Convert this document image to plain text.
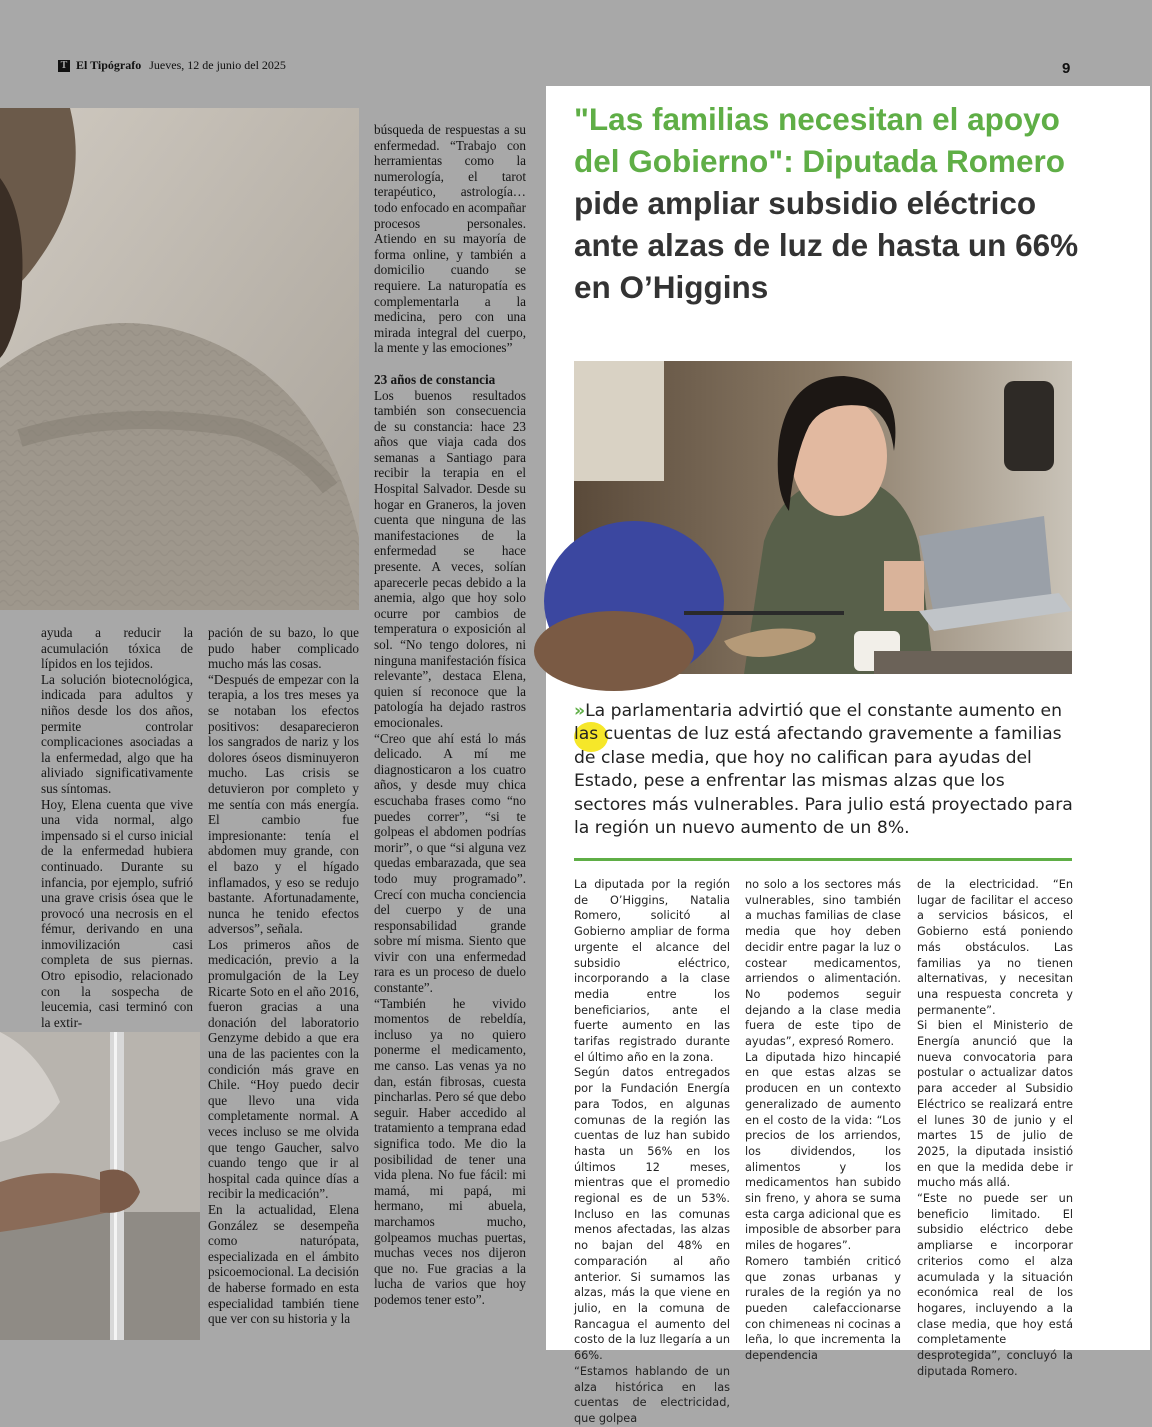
T El Tipógrafo Jueves, 12 de junio del 2025	9

ayuda a reducir la acumulación tóxica de lípidos en los tejidos.

La solución biotecnológica, indicada para adultos y niños desde los dos años, permite controlar complicaciones asociadas a la enfermedad, algo que ha aliviado significativamente sus síntomas.

Hoy, Elena cuenta que vive una vida normal, algo impensado si el curso inicial de la enfermedad hubiera continuado. Durante su infancia, por ejemplo, sufrió una grave crisis ósea que le provocó una necrosis en el fémur, derivando en una inmovilización casi completa de sus piernas. Otro episodio, relacionado con la sospecha de leucemia, casi terminó con la extir-

pación de su bazo, lo que pudo haber complicado mucho más las cosas.

“Después de empezar con la terapia, a los tres meses ya se notaban los efectos positivos: desaparecieron los sangrados de nariz y los dolores óseos disminuyeron mucho. Las crisis se detuvieron por completo y me sentía con más energía. El cambio fue impresionante: tenía el abdomen muy grande, con el bazo y el hígado inflamados, y eso se redujo bastante. Afortunadamente, nunca he tenido efectos adversos”, señala.

Los primeros años de medicación, previo a la promulgación de la Ley Ricarte Soto en el año 2016, fueron gracias a una donación del laboratorio Genzyme debido a que era una de las pacientes con la condición más grave en Chile. “Hoy puedo decir que llevo una vida completamente normal. A veces incluso se me olvida que tengo Gaucher, salvo cuando tengo que ir al hospital cada quince días a recibir la medicación”.

En la actualidad, Elena González se desempeña como naturópata, especializada en el ámbito psicoemocional. La decisión de haberse formado en esta especialidad también tiene que ver con su historia y la

búsqueda de respuestas a su enfermedad. “Trabajo con herramientas como la numerología, el tarot terapéutico, astrología… todo enfocado en acompañar procesos personales. Atiendo en su mayoría de forma online, y también a domicilio cuando se requiere. La naturopatía es complementarla a la medicina, pero con una mirada integral del cuerpo, la mente y las emociones”

23 años de constancia

Los buenos resultados también son consecuencia de su constancia: hace 23 años que viaja cada dos semanas a Santiago para recibir la terapia en el Hospital Salvador. Desde su hogar en Graneros, la joven cuenta que ninguna de las manifestaciones de la enfermedad se hace presente. A veces, solían aparecerle pecas debido a la anemia, algo que hoy solo ocurre por cambios de temperatura o exposición al sol. “No tengo dolores, ni ninguna manifestación física relevante”, destaca Elena, quien sí reconoce que la patología ha dejado rastros emocionales.

“Creo que ahí está lo más delicado. A mí me diagnosticaron a los cuatro años, y desde muy chica escuchaba frases como “no puedes correr”, “si te golpeas el abdomen podrías morir”, o que “si alguna vez quedas embarazada, que sea todo muy programado”. Crecí con mucha conciencia del cuerpo y de una responsabilidad grande sobre mí misma. Siento que vivir con una enfermedad rara es un proceso de duelo constante”.

“También he vivido momentos de rebeldía, incluso ya no quiero ponerme el medicamento, me canso. Las venas ya no dan, están fibrosas, cuesta pincharlas. Pero sé que debo seguir. Haber accedido al tratamiento a temprana edad significa todo. Me dio la posibilidad de tener una vida plena. No fue fácil: mi mamá, mi papá, mi hermano, mi abuela, marchamos mucho, golpeamos muchas puertas, muchas veces nos dijeron que no. Fue gracias a la lucha de varios que hoy podemos tener esto”.

"Las familias necesitan el apoyo del Gobierno": Diputada Romero pide ampliar subsidio eléctrico ante alzas de luz de hasta un 66% en O’Higgins

»La parlamentaria advirtió que el constante aumento en las cuentas de luz está afectando gravemente a familias de clase media, que hoy no califican para ayudas del Estado, pese a enfrentar las mismas alzas que los sectores más vulnerables. Para julio está proyectado para la región un nuevo aumento de un 8%.

La diputada por la región de O’Higgins, Natalia Romero, solicitó al Gobierno ampliar de forma urgente el alcance del subsidio eléctrico, incorporando a la clase media entre los beneficiarios, ante el fuerte aumento en las tarifas registrado durante el último año en la zona.

Según datos entregados por la Fundación Energía para Todos, en algunas comunas de la región las cuentas de luz han subido hasta un 56% en los últimos 12 meses, mientras que el promedio regional es de un 53%. Incluso en las comunas menos afectadas, las alzas no bajan del 48% en comparación al año anterior. Si sumamos las alzas, más la que viene en julio, en la comuna de Rancagua el aumento del costo de la luz llegaría a un 66%.

“Estamos hablando de un alza histórica en las cuentas de electricidad, que golpea

no solo a los sectores más vulnerables, sino también a muchas familias de clase media que hoy deben decidir entre pagar la luz o costear medicamentos, arriendos o alimentación. No podemos seguir dejando a la clase media fuera de este tipo de ayudas”, expresó Romero.

La diputada hizo hincapié en que estas alzas se producen en un contexto generalizado de aumento en el costo de la vida: “Los precios de los arriendos, los dividendos, los alimentos y los medicamentos han subido sin freno, y ahora se suma esta carga adicional que es imposible de absorber para miles de hogares”.

Romero también criticó que zonas urbanas y rurales de la región ya no pueden calefaccionarse con chimeneas ni cocinas a leña, lo que incrementa la dependencia

de la electricidad. “En lugar de facilitar el acceso a servicios básicos, el Gobierno está poniendo más obstáculos. Las familias ya no tienen alternativas, y necesitan una respuesta concreta y permanente”.

Si bien el Ministerio de Energía anunció que la nueva convocatoria para postular o actualizar datos para acceder al Subsidio Eléctrico se realizará entre el lunes 30 de junio y el martes 15 de julio de 2025, la diputada insistió en que la medida debe ir mucho más allá.

“Este no puede ser un beneficio limitado. El subsidio eléctrico debe ampliarse e incorporar criterios como el alza acumulada y la situación económica real de los hogares, incluyendo a la clase media, que hoy está completamente desprotegida”, concluyó la diputada Romero.
